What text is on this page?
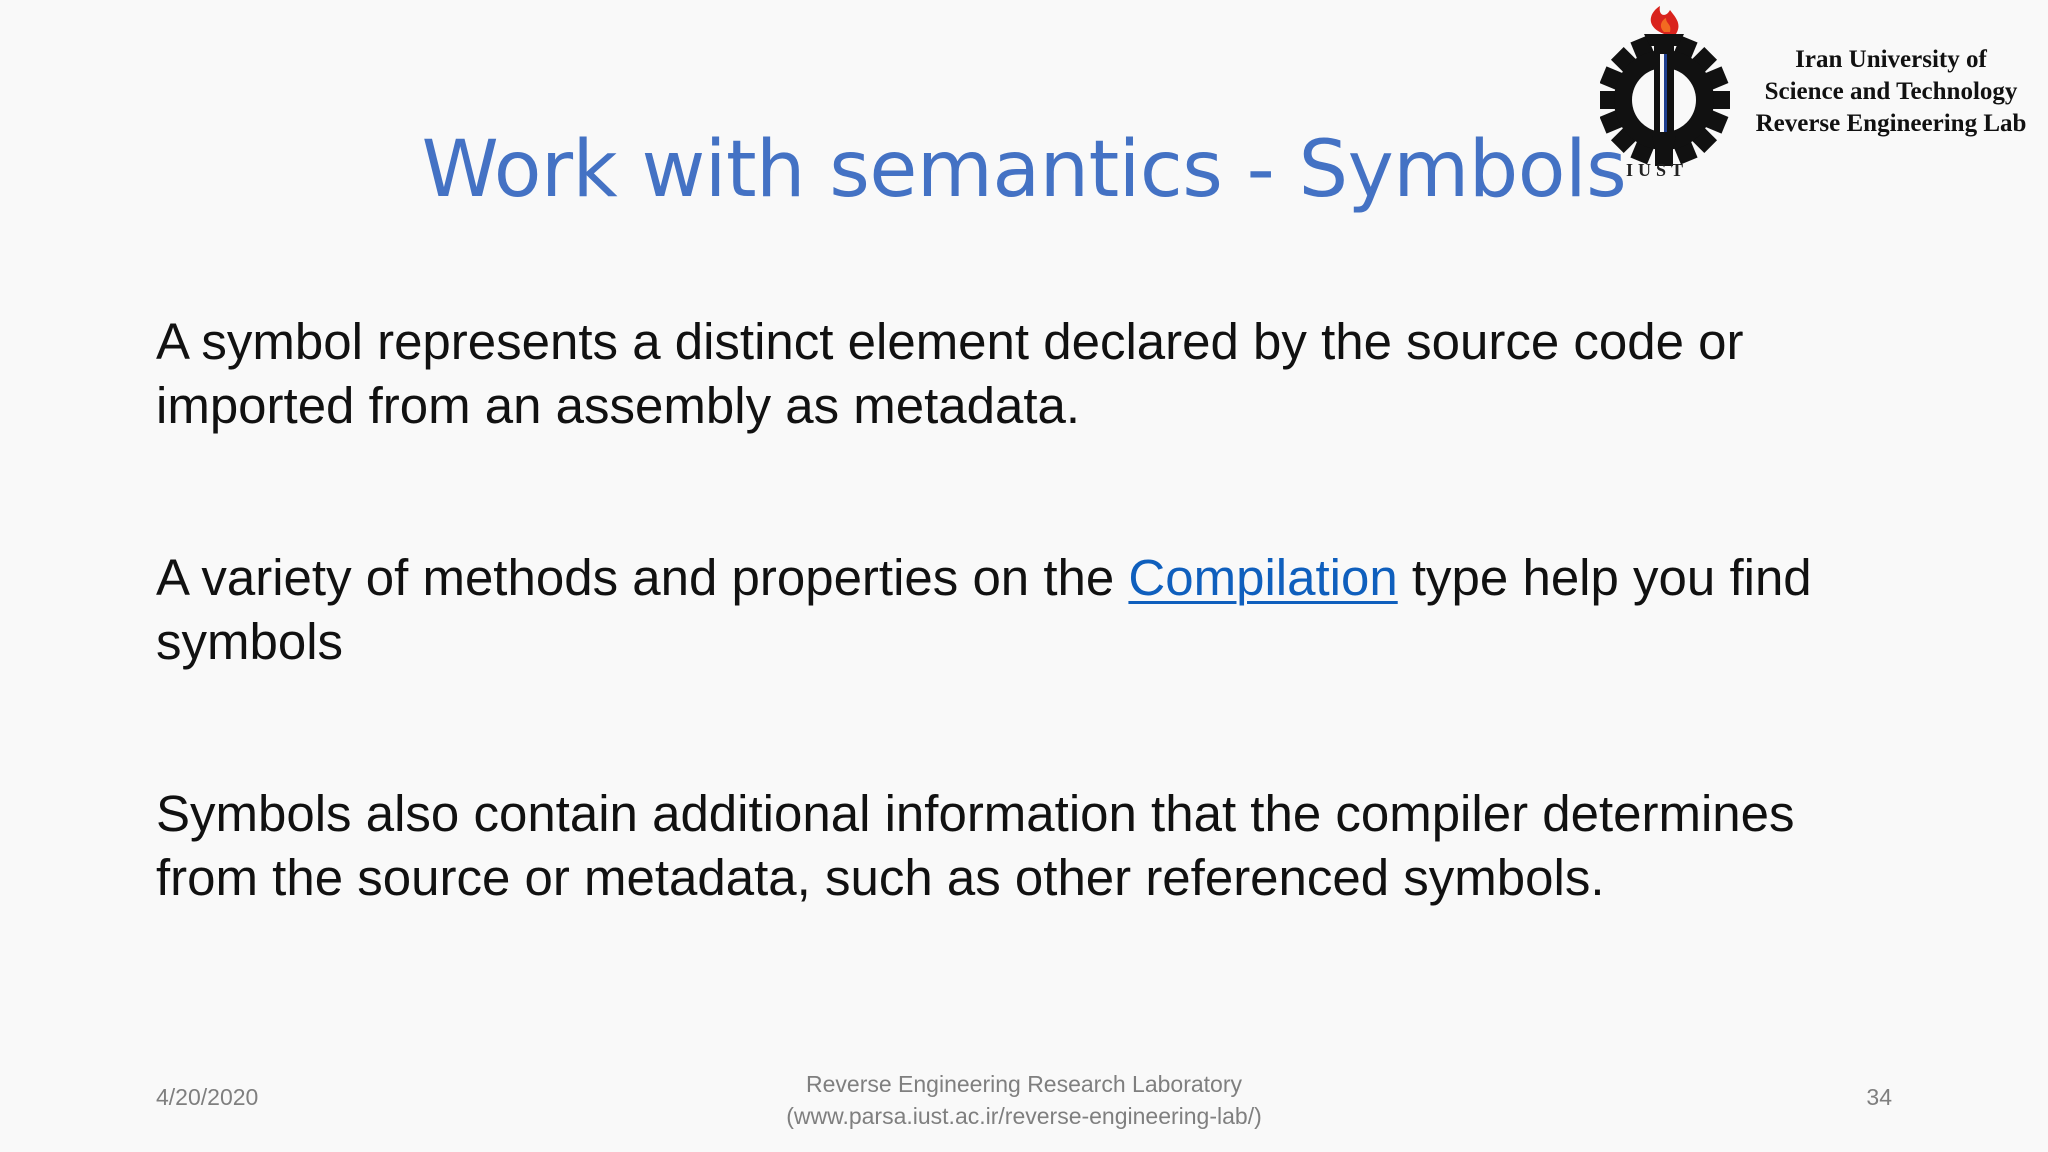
Iran University of
Science and Technology
Reverse Engineering Lab
IUST
Work with semantics - Symbols

A symbol represents a distinct element declared by the source code or imported from an assembly as metadata.

A variety of methods and properties on the Compilation type help you find symbols

Symbols also contain additional information that the compiler determines from the source or metadata, such as other referenced symbols.

4/20/2020	Reverse Engineering Research Laboratory
(www.parsa.iust.ac.ir/reverse-engineering-lab/)
34
